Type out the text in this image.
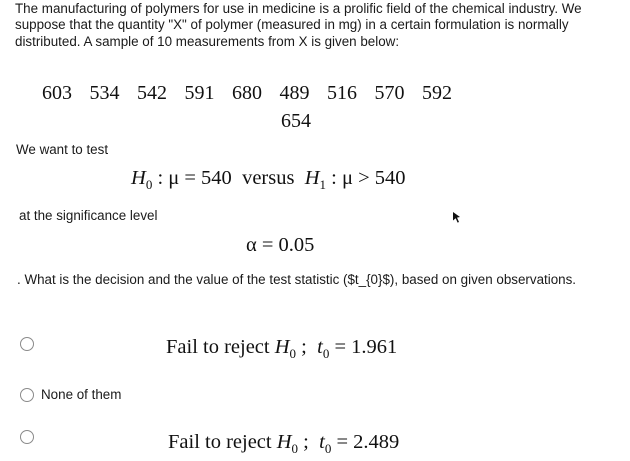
The manufacturing of polymers for use in medicine is a prolific field of the chemical industry. We suppose that the quantity "X" of polymer (measured in mg) in a certain formulation is normally distributed. A sample of 10 measurements from X is given below:
603 534 542 591 680 489 516 570 592
654
We want to test
$H_0$ : μ = 540 versus $H_1$ : μ > 540
at the significance level
α = 0.05
. What is the decision and the value of the test statistic ($t_{0}$), based on given observations.
Fail to reject $H_0$ ;  $t_0 = 1.961$
None of them
Fail to reject $H_0$ ;  $t_0 = 2.489$
